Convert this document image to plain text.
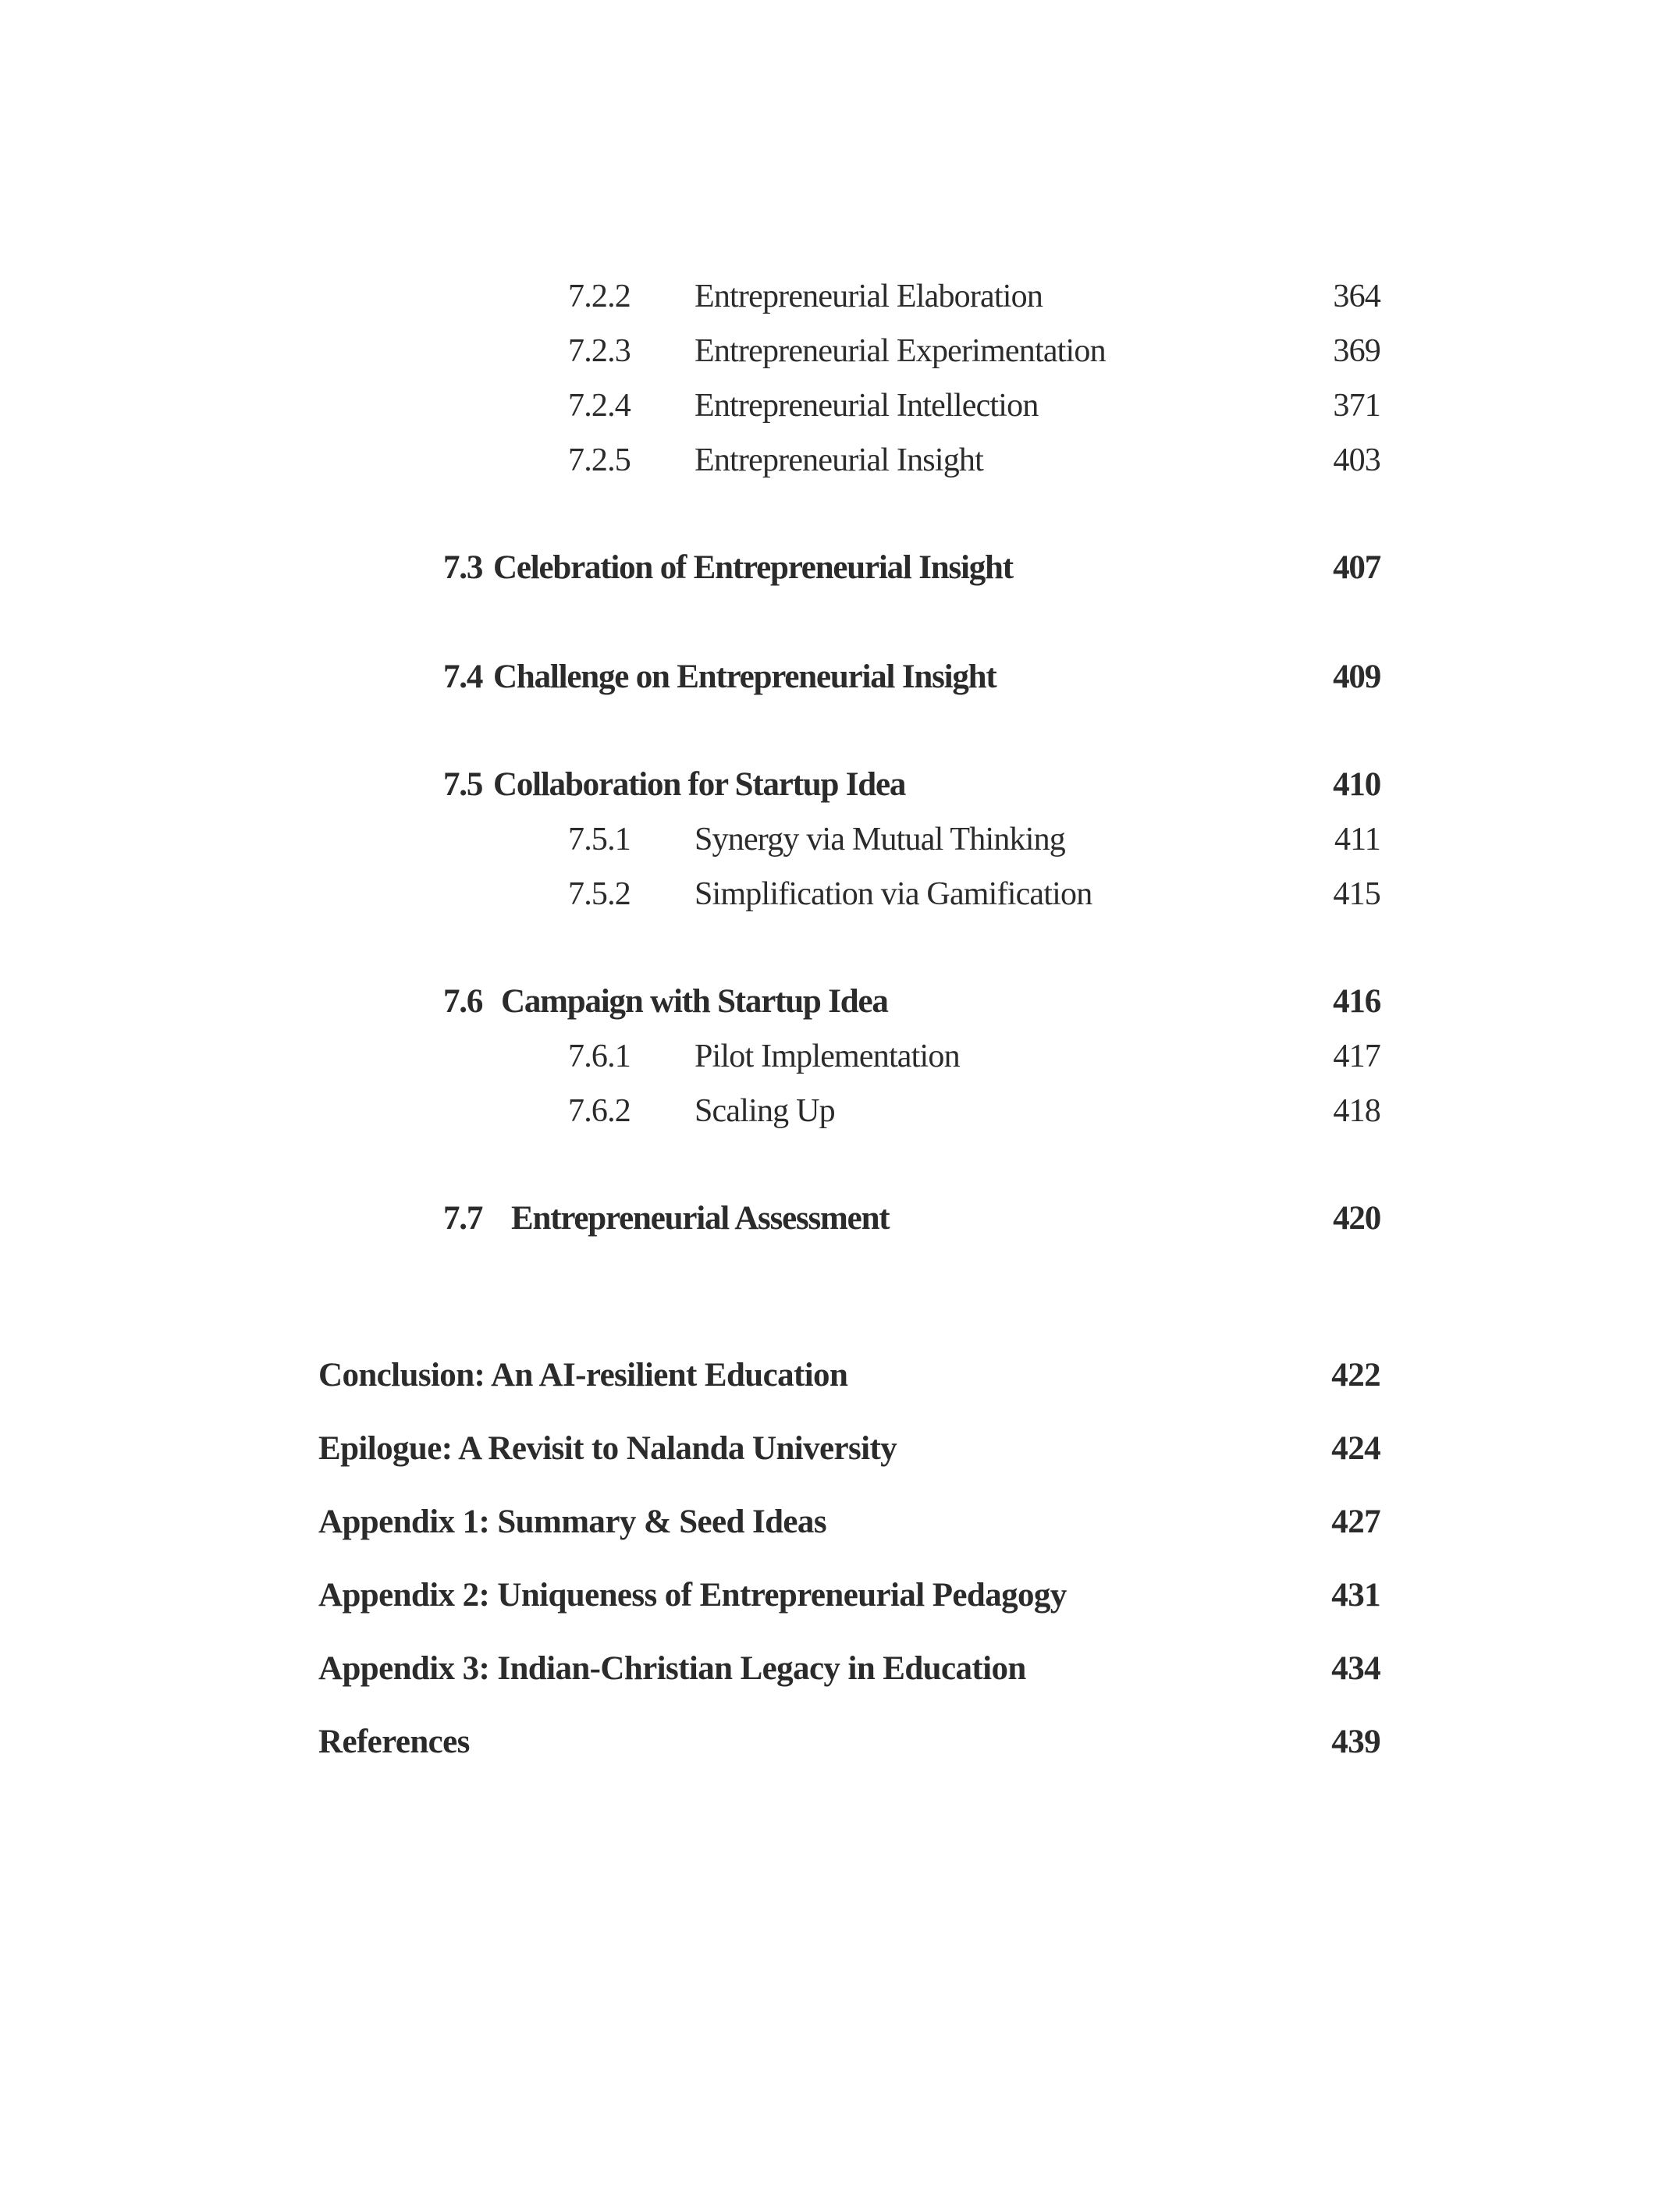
7.2.2 Entrepreneurial Elaboration	364
7.2.3 Entrepreneurial Experimentation	369
7.2.4 Entrepreneurial Intellection	371
7.2.5 Entrepreneurial Insight	403
7.3 Celebration of Entrepreneurial Insight	407
7.4 Challenge on Entrepreneurial Insight	409
7.5 Collaboration for Startup Idea	410
7.5.1 Synergy via Mutual Thinking	411
7.5.2 Simplification via Gamification	415
7.6 Campaign with Startup Idea	416
7.6.1 Pilot Implementation	417
7.6.2 Scaling Up	418
7.7 Entrepreneurial Assessment	420
Conclusion: An AI-resilient Education	422
Epilogue: A Revisit to Nalanda University	424
Appendix 1: Summary & Seed Ideas	427
Appendix 2: Uniqueness of Entrepreneurial Pedagogy	431
Appendix 3: Indian-Christian Legacy in Education	434
References	439
